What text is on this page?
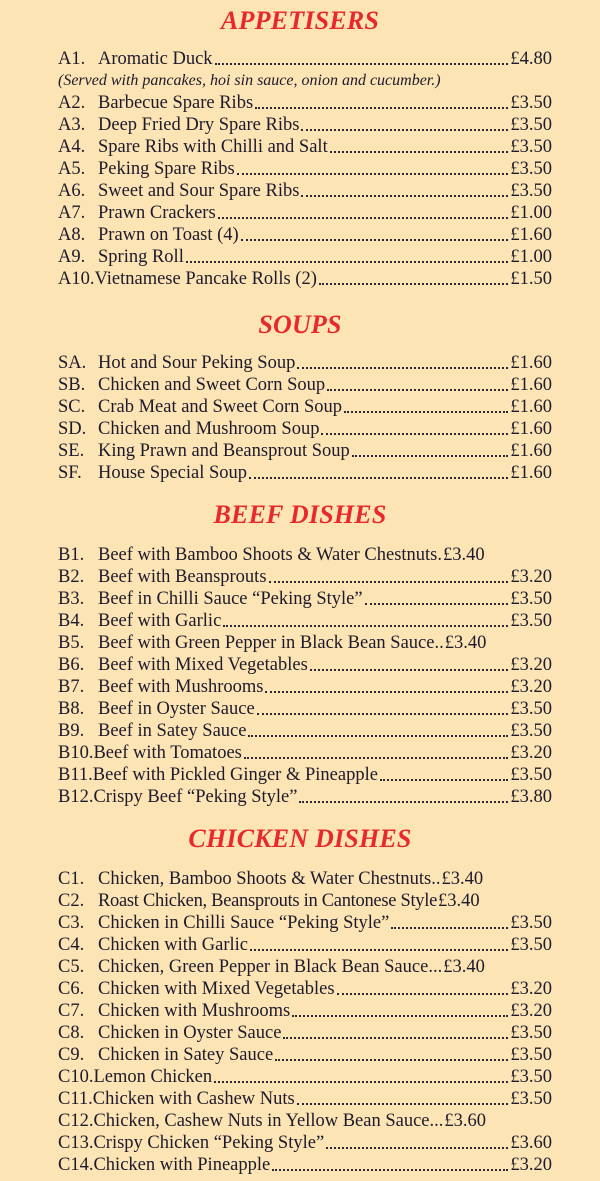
APPETISERS
A1. Aromatic Duck	£4.80
(Served with pancakes, hoi sin sauce, onion and cucumber.)
A2. Barbecue Spare Ribs	£3.50
A3. Deep Fried Dry Spare Ribs	£3.50
A4. Spare Ribs with Chilli and Salt	£3.50
A5. Peking Spare Ribs	£3.50
A6. Sweet and Sour Spare Ribs	£3.50
A7. Prawn Crackers	£1.00
A8. Prawn on Toast (4)	£1.60
A9. Spring Roll	£1.00
A10. Vietnamese Pancake Rolls (2)	£1.50
SOUPS
SA. Hot and Sour Peking Soup	£1.60
SB. Chicken and Sweet Corn Soup	£1.60
SC. Crab Meat and Sweet Corn Soup	£1.60
SD. Chicken and Mushroom Soup	£1.60
SE. King Prawn and Beansprout Soup	£1.60
SF. House Special Soup	£1.60
BEEF DISHES
B1. Beef with Bamboo Shoots & Water Chestnuts. £3.40
B2. Beef with Beansprouts	£3.20
B3. Beef in Chilli Sauce “Peking Style”	£3.50
B4. Beef with Garlic	£3.50
B5. Beef with Green Pepper in Black Bean Sauce.. £3.40
B6. Beef with Mixed Vegetables	£3.20
B7. Beef with Mushrooms	£3.20
B8. Beef in Oyster Sauce	£3.50
B9. Beef in Satey Sauce	£3.50
B10. Beef with Tomatoes	£3.20
B11. Beef with Pickled Ginger & Pineapple	£3.50
B12. Crispy Beef “Peking Style”	£3.80
CHICKEN DISHES
C1. Chicken, Bamboo Shoots & Water Chestnuts.. £3.40
C2. Roast Chicken, Beansprouts in Cantonese Style £3.40
C3. Chicken in Chilli Sauce “Peking Style”	£3.50
C4. Chicken with Garlic	£3.50
C5. Chicken, Green Pepper in Black Bean Sauce... £3.40
C6. Chicken with Mixed Vegetables	£3.20
C7. Chicken with Mushrooms	£3.20
C8. Chicken in Oyster Sauce	£3.50
C9. Chicken in Satey Sauce	£3.50
C10. Lemon Chicken	£3.50
C11. Chicken with Cashew Nuts	£3.50
C12. Chicken, Cashew Nuts in Yellow Bean Sauce... £3.60
C13. Crispy Chicken “Peking Style”	£3.60
C14. Chicken with Pineapple	£3.20
